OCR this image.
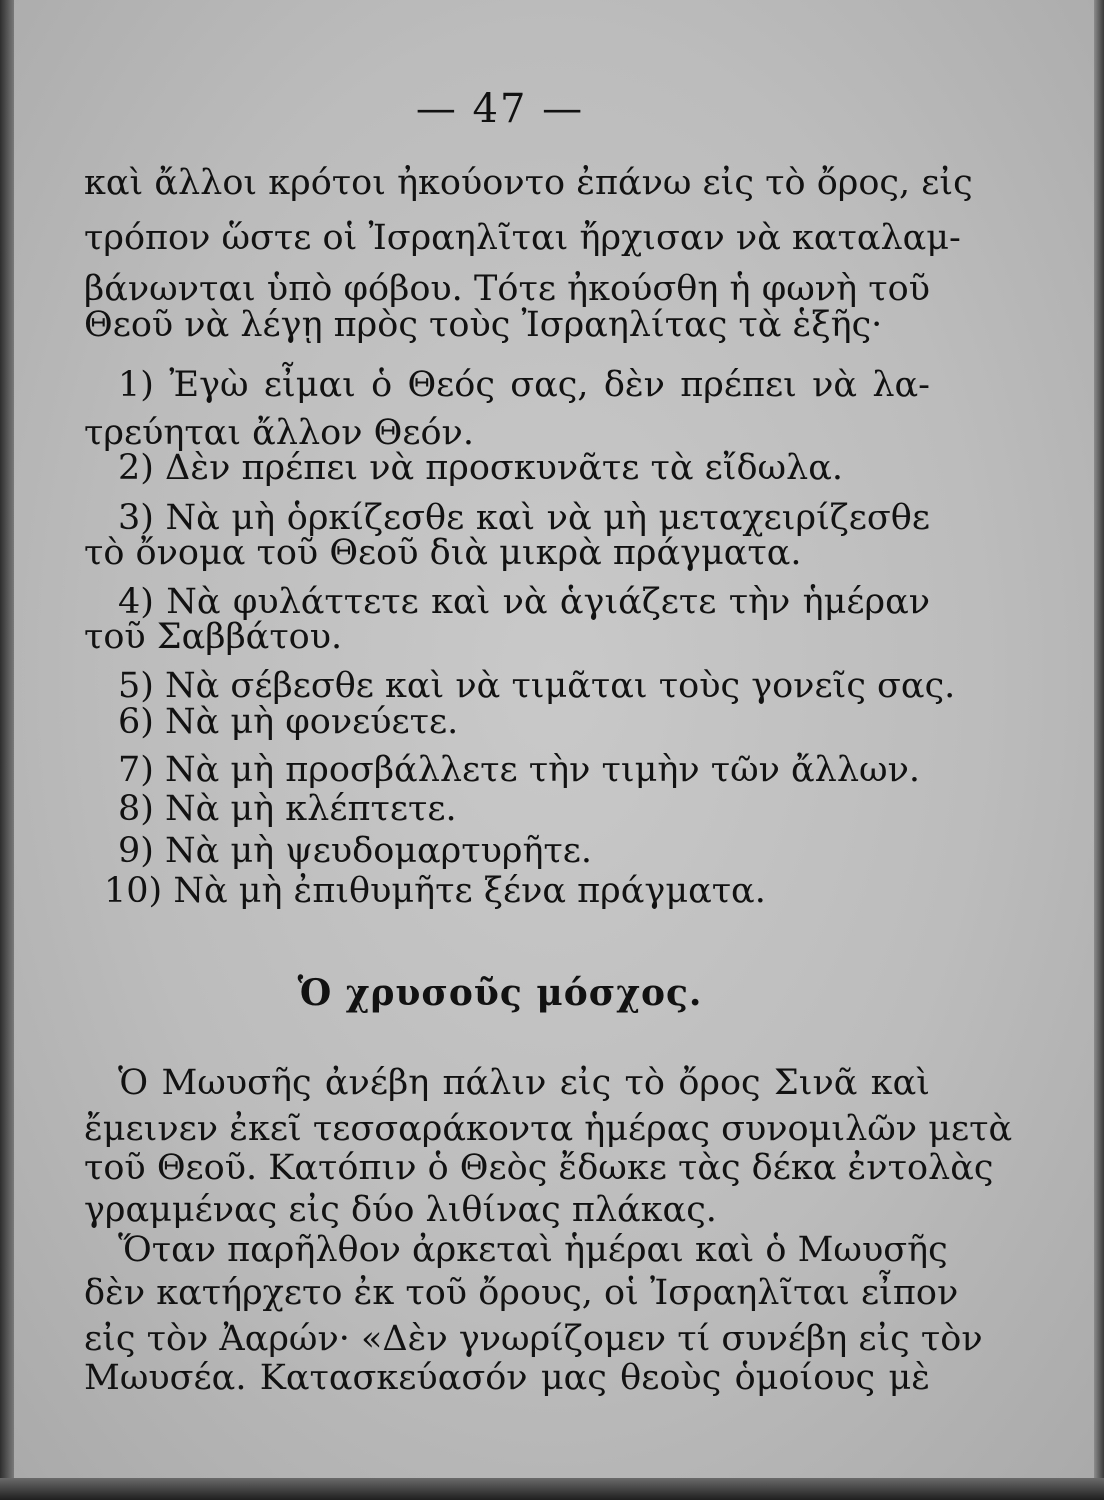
— 47 —
καὶ ἄλλοι κρότοι ἠκούοντο ἐπάνω εἰς τὸ ὄρος, εἰς
τρόπον ὥστε οἱ Ἰσραηλῖται ἤρχισαν νὰ καταλαμ-
βάνωνται ὑπὸ φόβου. Τότε ἠκούσθη ἡ φωνὴ τοῦ
Θεοῦ νὰ λέγῃ πρὸς τοὺς Ἰσραηλίτας τὰ ἑξῆς·
1) Ἐγὼ εἶμαι ὁ Θεός σας, δὲν πρέπει νὰ λα-
τρεύηται ἄλλον Θεόν.
2) Δὲν πρέπει νὰ προσκυνᾶτε τὰ εἴδωλα.
3) Νὰ μὴ ὁρκίζεσθε καὶ νὰ μὴ μεταχειρίζεσθε
τὸ ὄνομα τοῦ Θεοῦ διὰ μικρὰ πράγματα.
4) Νὰ φυλάττετε καὶ νὰ ἁγιάζετε τὴν ἡμέραν
τοῦ Σαββάτου.
5) Νὰ σέβεσθε καὶ νὰ τιμᾶται τοὺς γονεῖς σας.
6) Νὰ μὴ φονεύετε.
7) Νὰ μὴ προσβάλλετε τὴν τιμὴν τῶν ἄλλων.
8) Νὰ μὴ κλέπτετε.
9) Νὰ μὴ ψευδομαρτυρῆτε.
10) Νὰ μὴ ἐπιθυμῆτε ξένα πράγματα.
Ὁ χρυσοῦς μόσχος.
Ὁ Μωυσῆς ἀνέβη πάλιν εἰς τὸ ὄρος Σινᾶ καὶ
ἔμεινεν ἐκεῖ τεσσαράκοντα ἡμέρας συνομιλῶν μετὰ
τοῦ Θεοῦ. Κατόπιν ὁ Θεὸς ἔδωκε τὰς δέκα ἐντολὰς
γραμμένας εἰς δύο λιθίνας πλάκας.
Ὅταν παρῆλθον ἀρκεταὶ ἡμέραι καὶ ὁ Μωυσῆς
δὲν κατήρχετο ἐκ τοῦ ὄρους, οἱ Ἰσραηλῖται εἶπον
εἰς τὸν Ἀαρών· «Δὲν γνωρίζομεν τί συνέβη εἰς τὸν
Μωυσέα. Κατασκεύασόν μας θεοὺς ὁμοίους μὲ
